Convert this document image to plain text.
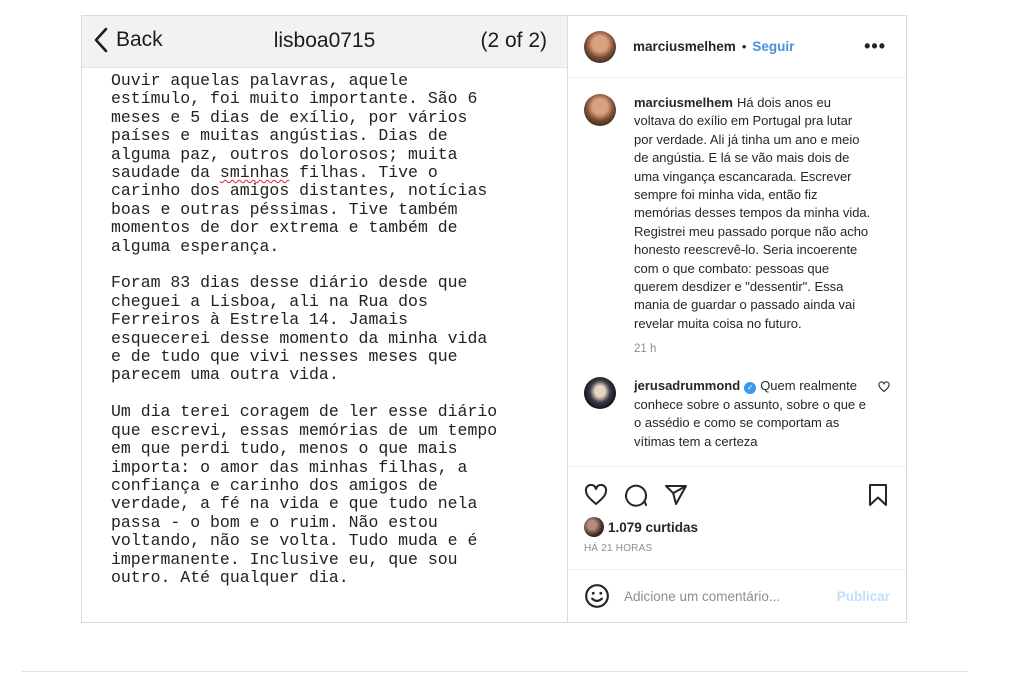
Back	lisboa0715	(2 of 2)
Ouvir aquelas palavras, aquele
estímulo, foi muito importante. São 6
meses e 5 dias de exílio, por vários
países e muitas angústias. Dias de
alguma paz, outros dolorosos; muita
saudade da sminhas filhas. Tive o
carinho dos amigos distantes, notícias
boas e outras péssimas. Tive também
momentos de dor extrema e também de
alguma esperança.
Foram 83 dias desse diário desde que
cheguei a Lisboa, ali na Rua dos
Ferreiros à Estrela 14. Jamais
esquecerei desse momento da minha vida
e de tudo que vivi nesses meses que
parecem uma outra vida.
Um dia terei coragem de ler esse diário
que escrevi, essas memórias de um tempo
em que perdi tudo, menos o que mais
importa: o amor das minhas filhas, a
confiança e carinho dos amigos de
verdade, a fé na vida e que tudo nela
passa - o bom e o ruim. Não estou
voltando, não se volta. Tudo muda e é
impermanente. Inclusive eu, que sou
outro. Até qualquer dia.
marciusmelhem • Seguir	•••
marciusmelhem Há dois anos eu voltava do exílio em Portugal pra lutar por verdade. Ali já tinha um ano e meio de angústia. E lá se vão mais dois de uma vingança escancarada. Escrever sempre foi minha vida, então fiz memórias desses tempos da minha vida. Registrei meu passado porque não acho honesto reescrevê-lo. Seria incoerente com o que combato: pessoas que querem desdizer e "dessentir". Essa mania de guardar o passado ainda vai revelar muita coisa no futuro.
21 h
jerusadrummond ✓ Quem realmente conhece sobre o assunto, sobre o que e o assédio e como se comportam as vítimas tem a certeza
1.079 curtidas
HÁ 21 HORAS
Adicione um comentário...
Publicar
